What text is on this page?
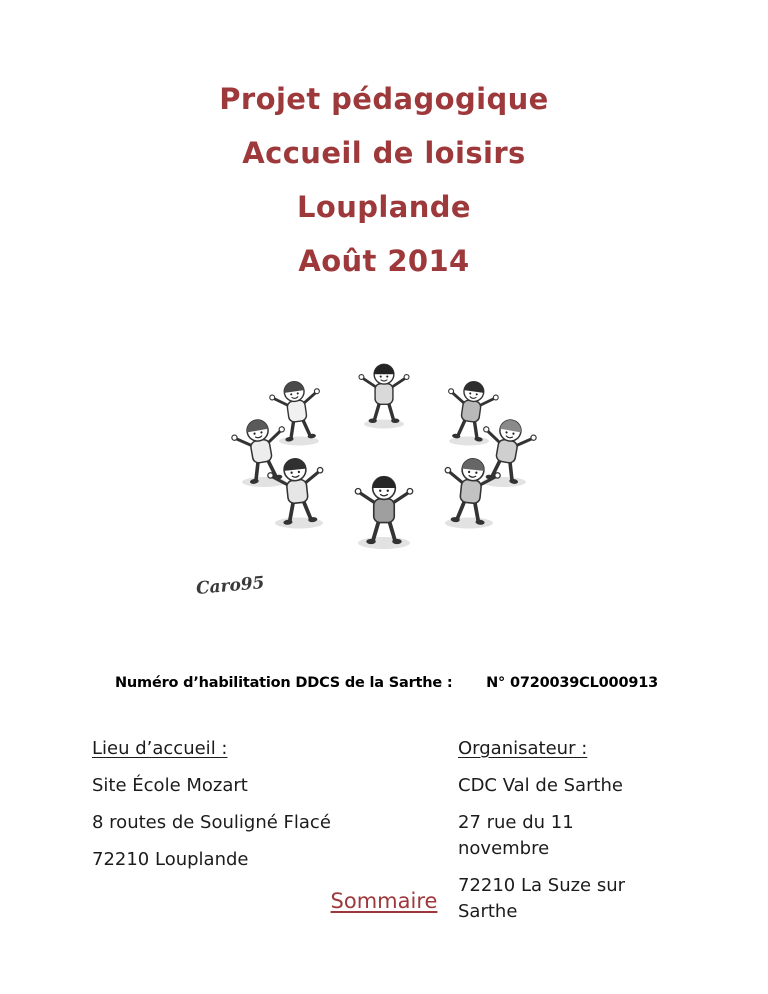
Projet pédagogique
Accueil de loisirs
Louplande
Août 2014
Caro95
Numéro d’habilitation DDCS de la Sarthe : N° 0720039CL000913
Lieu d’accueil :
Site École Mozart
8 routes de Souligné Flacé
72210 Louplande
Organisateur :
CDC Val de Sarthe
27 rue du 11 novembre
72210 La Suze sur Sarthe
Sommaire
